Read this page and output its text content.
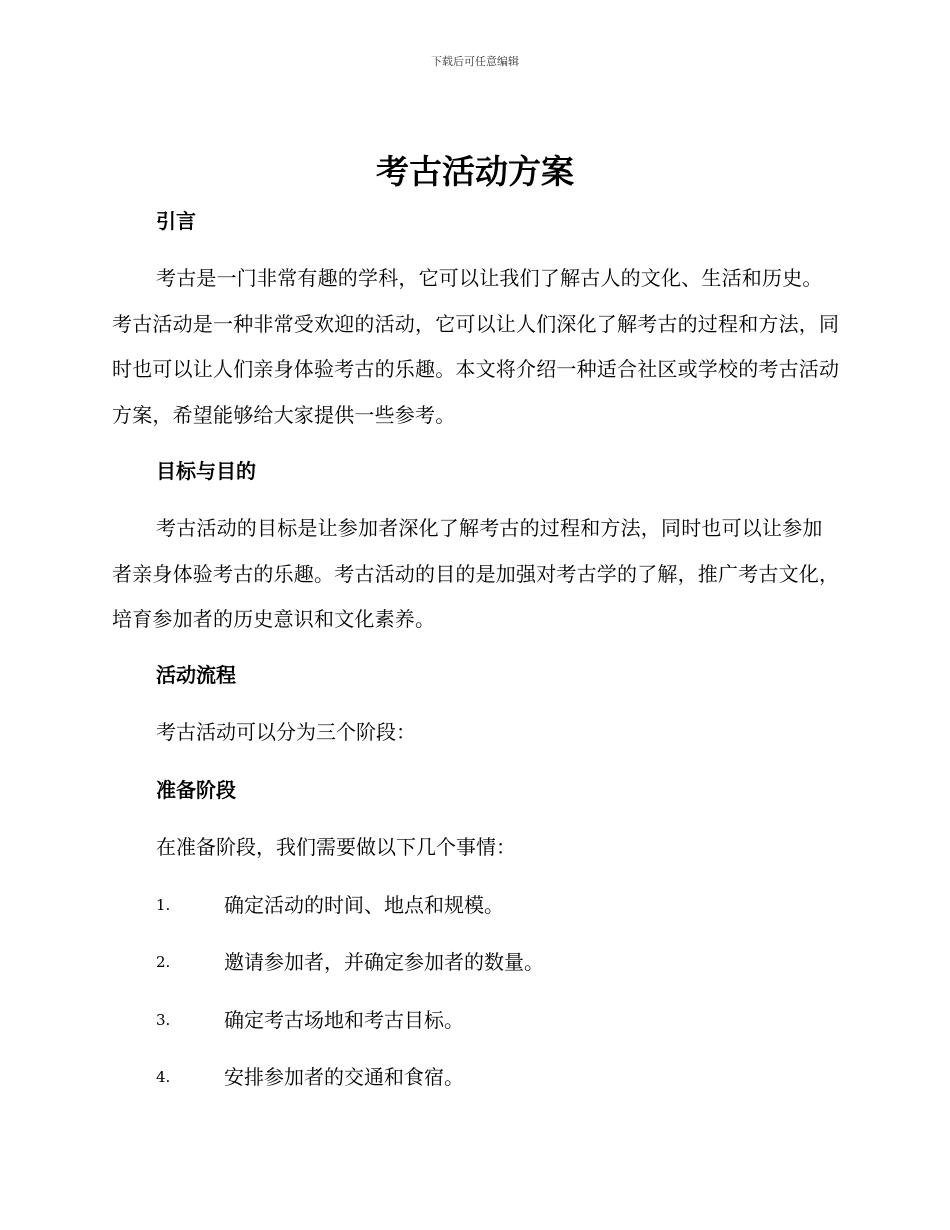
下载后可任意编辑
考古活动方案
引言

考古是一门非常有趣的学科，它可以让我们了解古人的文化、生活和历史。考古活动是一种非常受欢迎的活动，它可以让人们深化了解考古的过程和方法，同时也可以让人们亲身体验考古的乐趣。本文将介绍一种适合社区或学校的考古活动方案，希望能够给大家提供一些参考。

目标与目的

考古活动的目标是让参加者深化了解考古的过程和方法，同时也可以让参加者亲身体验考古的乐趣。考古活动的目的是加强对考古学的了解，推广考古文化，培育参加者的历史意识和文化素养。

活动流程

考古活动可以分为三个阶段：

准备阶段

在准备阶段，我们需要做以下几个事情：

1.	确定活动的时间、地点和规模。
2.	邀请参加者，并确定参加者的数量。
3.	确定考古场地和考古目标。
4.	安排参加者的交通和食宿。
